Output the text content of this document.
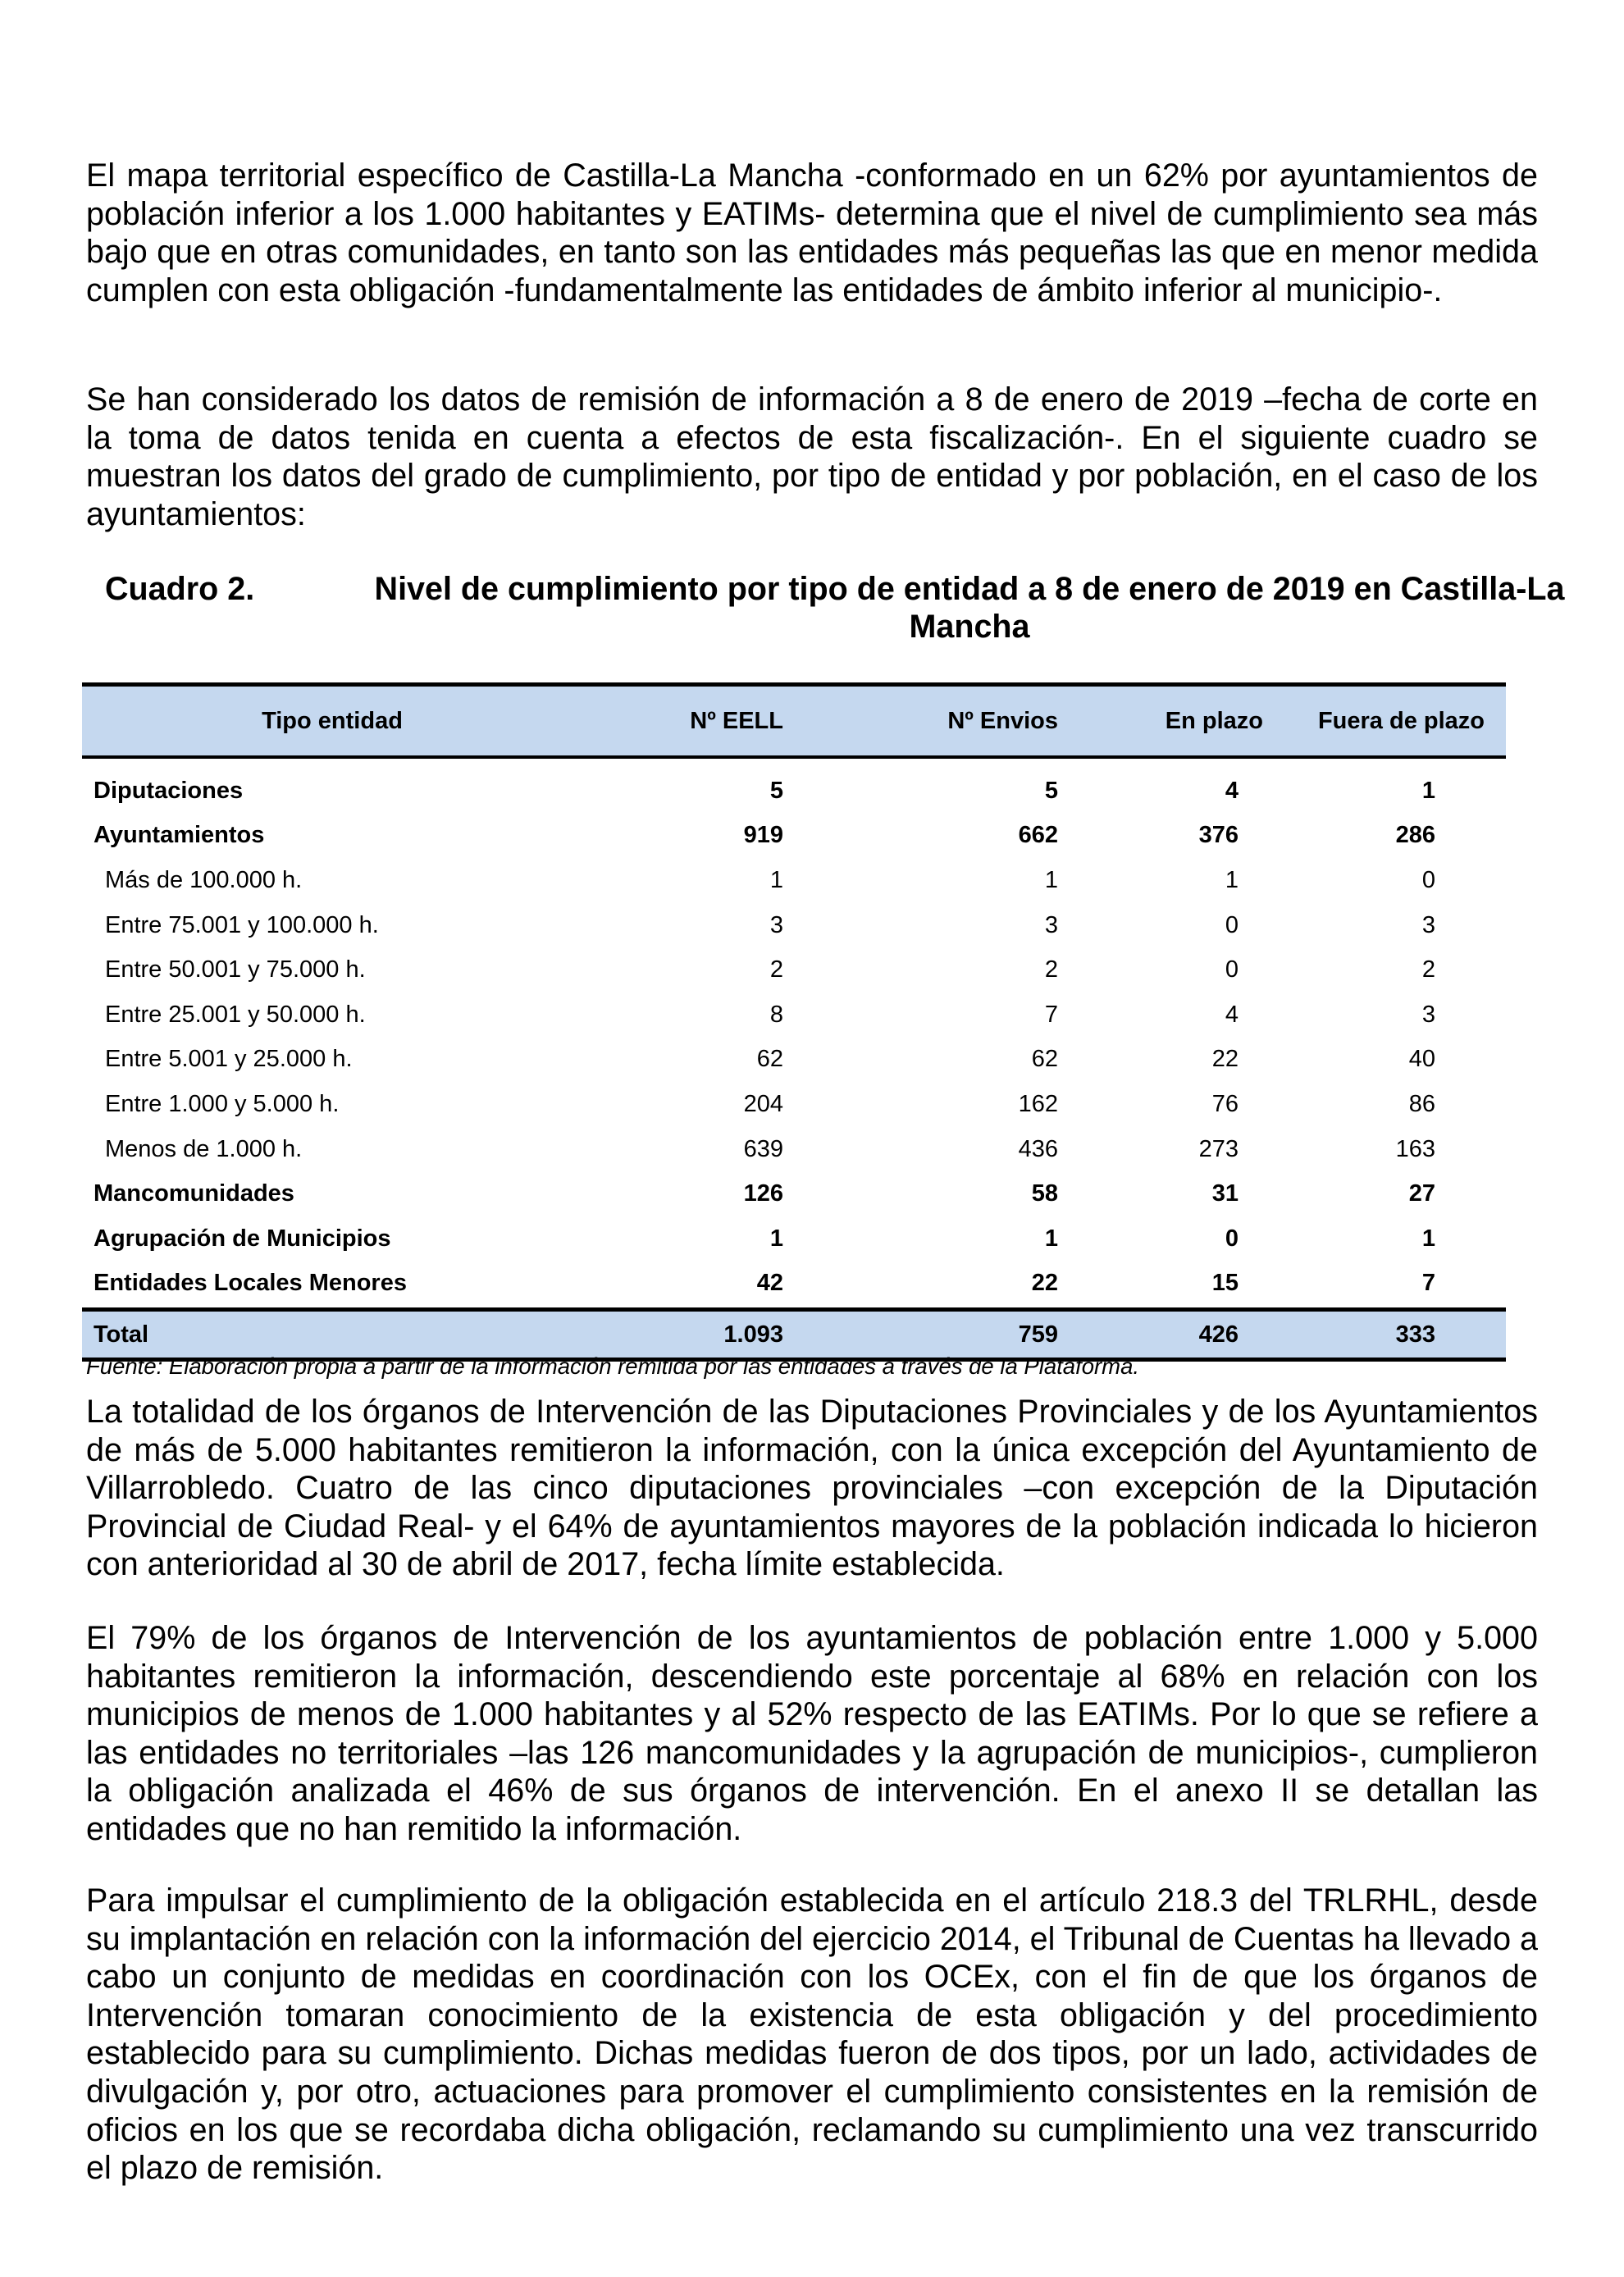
El mapa territorial específico de Castilla-La Mancha -conformado en un 62% por ayuntamientos de población inferior a los 1.000 habitantes y EATIMs- determina que el nivel de cumplimiento sea más bajo que en otras comunidades, en tanto son las entidades más pequeñas las que en menor medida cumplen con esta obligación -fundamentalmente las entidades de ámbito inferior al municipio-.

Se han considerado los datos de remisión de información a 8 de enero de 2019 –fecha de corte en la toma de datos tenida en cuenta a efectos de esta fiscalización-. En el siguiente cuadro se muestran los datos del grado de cumplimiento, por tipo de entidad y por población, en el caso de los ayuntamientos:

Cuadro 2.	Nivel de cumplimiento por tipo de entidad a 8 de enero de 2019 en Castilla-La Mancha
Tipo entidad	Nº EELL	Nº Envios	En plazo	Fuera de plazo
Diputaciones	5	5	4	1
Ayuntamientos	919	662	376	286
Más de 100.000 h.	1	1	1	0
Entre 75.001 y 100.000 h.	3	3	0	3
Entre 50.001 y 75.000 h.	2	2	0	2
Entre 25.001 y 50.000 h.	8	7	4	3
Entre 5.001 y 25.000 h.	62	62	22	40
Entre 1.000 y 5.000 h.	204	162	76	86
Menos de 1.000 h.	639	436	273	163
Mancomunidades	126	58	31	27
Agrupación de Municipios	1	1	0	1
Entidades Locales Menores	42	22	15	7
Total	1.093	759	426	333
Fuente: Elaboración propia a partir de la información remitida por las entidades a través de la Plataforma.

La totalidad de los órganos de Intervención de las Diputaciones Provinciales y de los Ayuntamientos de más de 5.000 habitantes remitieron la información, con la única excepción del Ayuntamiento de Villarrobledo. Cuatro de las cinco diputaciones provinciales –con excepción de la Diputación Provincial de Ciudad Real- y el 64% de ayuntamientos mayores de la población indicada lo hicieron con anterioridad al 30 de abril de 2017, fecha límite establecida.

El 79% de los órganos de Intervención de los ayuntamientos de población entre 1.000 y 5.000 habitantes remitieron la información, descendiendo este porcentaje al 68% en relación con los municipios de menos de 1.000 habitantes y al 52% respecto de las EATIMs. Por lo que se refiere a las entidades no territoriales –las 126 mancomunidades y la agrupación de municipios-, cumplieron la obligación analizada el 46% de sus órganos de intervención. En el anexo II se detallan las entidades que no han remitido la información.

Para impulsar el cumplimiento de la obligación establecida en el artículo 218.3 del TRLRHL, desde su implantación en relación con la información del ejercicio 2014, el Tribunal de Cuentas ha llevado a cabo un conjunto de medidas en coordinación con los OCEx, con el fin de que los órganos de Intervención tomaran conocimiento de la existencia de esta obligación y del procedimiento establecido para su cumplimiento. Dichas medidas fueron de dos tipos, por un lado, actividades de divulgación y, por otro, actuaciones para promover el cumplimiento consistentes en la remisión de oficios en los que se recordaba dicha obligación, reclamando su cumplimiento una vez transcurrido el plazo de remisión.
